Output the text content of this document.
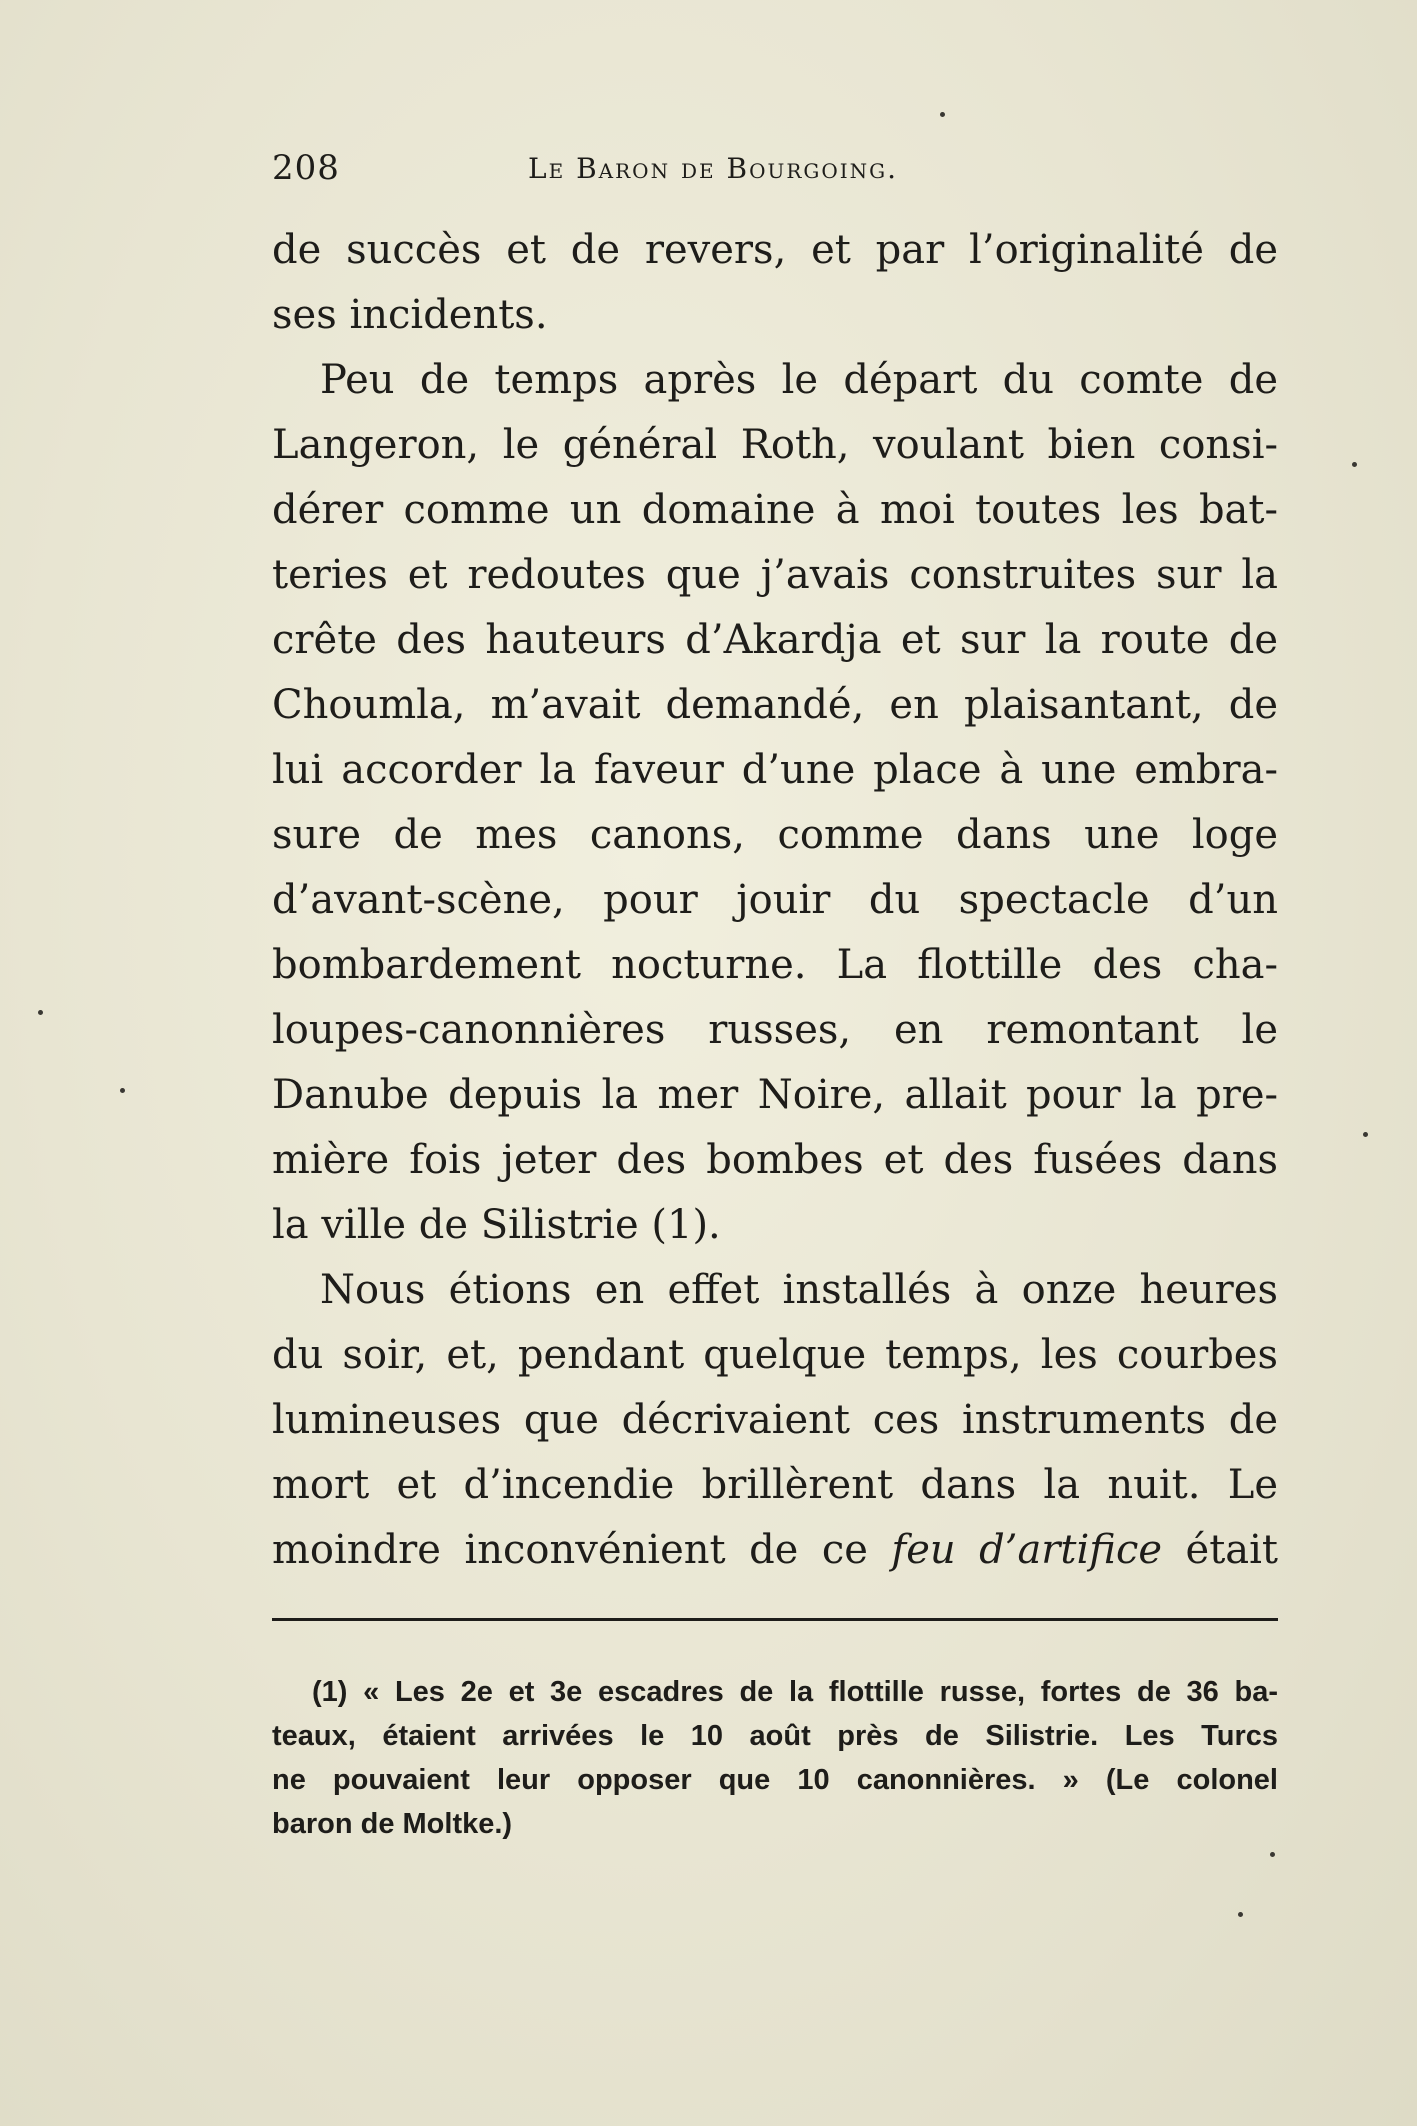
208	Le Baron de Bourgoing.
de succès et de revers, et par l’originalité de
ses incidents.
Peu de temps après le départ du comte de
Langeron, le général Roth, voulant bien consi-
dérer comme un domaine à moi toutes les bat-
teries et redoutes que j’avais construites sur la
crête des hauteurs d’Akardja et sur la route de
Choumla, m’avait demandé, en plaisantant, de
lui accorder la faveur d’une place à une embra-
sure de mes canons, comme dans une loge
d’avant-scène, pour jouir du spectacle d’un
bombardement nocturne. La flottille des cha-
loupes-canonnières russes, en remontant le
Danube depuis la mer Noire, allait pour la pre-
mière fois jeter des bombes et des fusées dans
la ville de Silistrie (1).
Nous étions en effet installés à onze heures
du soir, et, pendant quelque temps, les courbes
lumineuses que décrivaient ces instruments de
mort et d’incendie brillèrent dans la nuit. Le
moindre inconvénient de ce feu d’artifice était
(1) « Les 2e et 3e escadres de la flottille russe, fortes de 36 ba-
teaux, étaient arrivées le 10 août près de Silistrie. Les Turcs
ne pouvaient leur opposer que 10 canonnières. » (Le colonel
baron de Moltke.)
